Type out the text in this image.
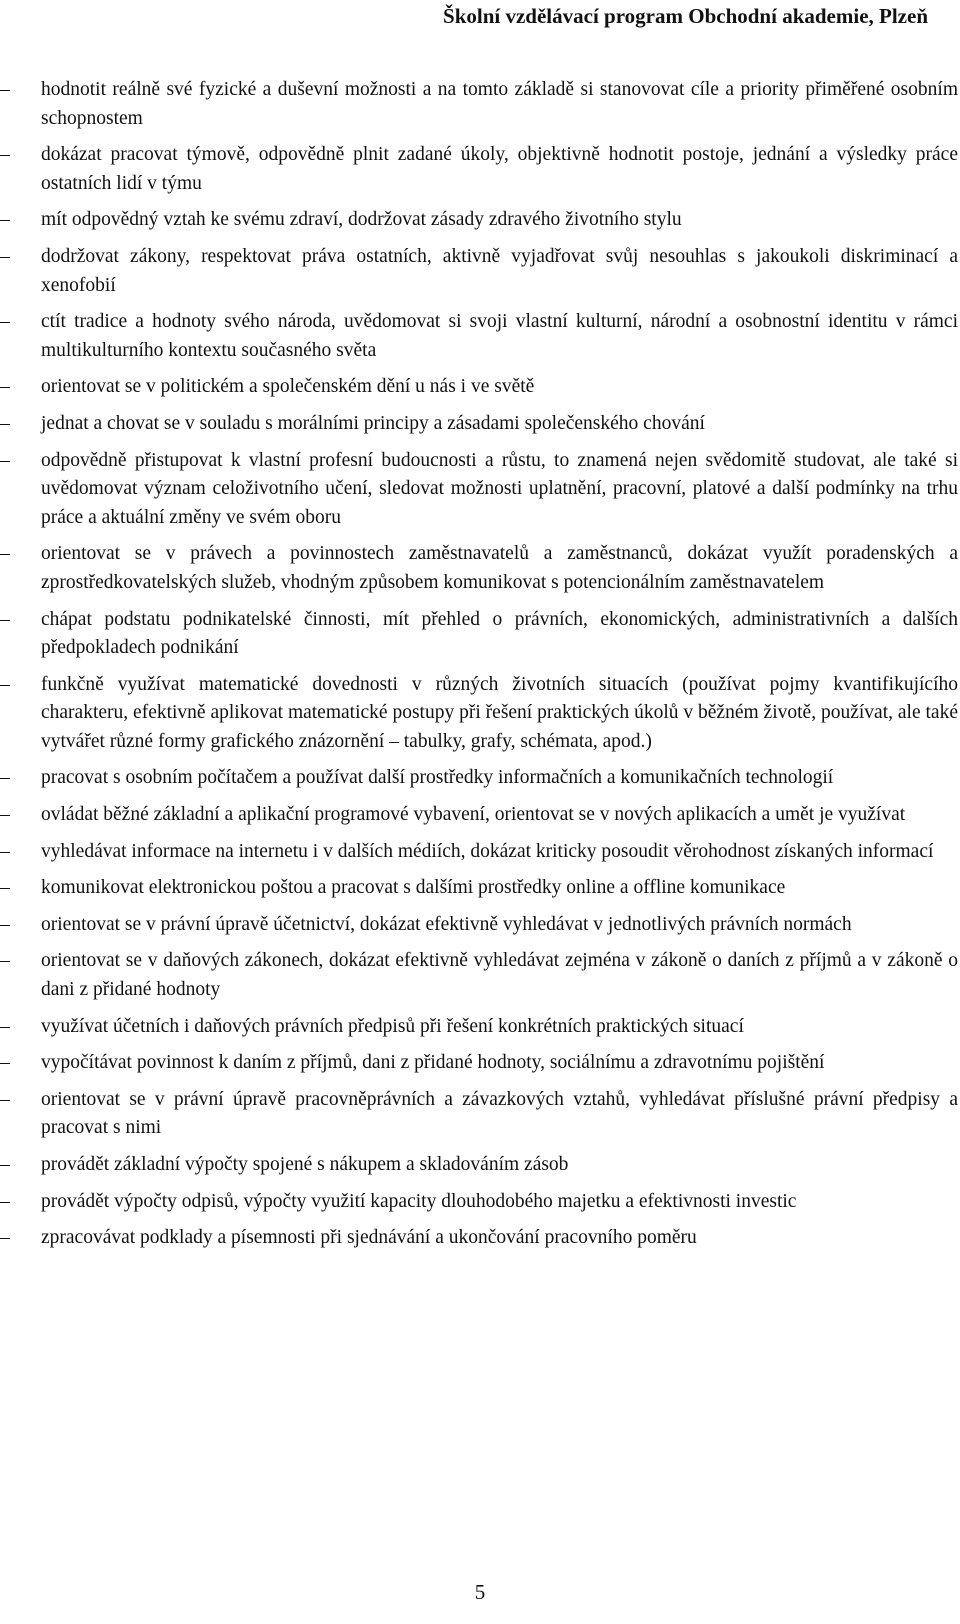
Školní vzdělávací program Obchodní akademie, Plzeň
–	hodnotit reálně své fyzické a duševní možnosti a na tomto základě si stanovovat cíle a priority přiměřené osobním schopnostem
–	dokázat pracovat týmově, odpovědně plnit zadané úkoly, objektivně hodnotit postoje, jednání a výsledky práce ostatních lidí v týmu
–	mít odpovědný vztah ke svému zdraví, dodržovat zásady zdravého životního stylu
–	dodržovat zákony, respektovat práva ostatních, aktivně vyjadřovat svůj nesouhlas s jakoukoli diskriminací a xenofobií
–	ctít tradice a hodnoty svého národa, uvědomovat si svoji vlastní kulturní, národní a osobnostní identitu v rámci multikulturního kontextu současného světa
–	orientovat se v politickém a společenském dění u nás i ve světě
–	jednat a chovat se v souladu s morálními principy a zásadami společenského chování
–	odpovědně přistupovat k vlastní profesní budoucnosti a růstu, to znamená nejen svědomitě studovat, ale také si uvědomovat význam celoživotního učení, sledovat možnosti uplatnění, pracovní, platové a další podmínky na trhu práce a aktuální změny ve svém oboru
–	orientovat se v právech a povinnostech zaměstnavatelů a zaměstnanců, dokázat využít poradenských a zprostředkovatelských služeb, vhodným způsobem komunikovat s potencionálním zaměstnavatelem
–	chápat podstatu podnikatelské činnosti, mít přehled o právních, ekonomických, administrativních a dalších předpokladech podnikání
–	funkčně využívat matematické dovednosti v různých životních situacích (používat pojmy kvantifikujícího charakteru, efektivně aplikovat matematické postupy při řešení praktických úkolů v běžném životě, používat, ale také vytvářet různé formy grafického znázornění – tabulky, grafy, schémata, apod.)
–	pracovat s osobním počítačem a používat další prostředky informačních a komunikačních technologií
–	ovládat běžné základní a aplikační programové vybavení, orientovat se v nových aplikacích a umět je využívat
–	vyhledávat informace na internetu i v dalších médiích, dokázat kriticky posoudit věrohodnost získaných informací
–	komunikovat elektronickou poštou a pracovat s dalšími prostředky online a offline komunikace
–	orientovat se v právní úpravě účetnictví, dokázat efektivně vyhledávat v jednotlivých právních normách
–	orientovat se v daňových zákonech, dokázat efektivně vyhledávat zejména v zákoně o daních z příjmů a v zákoně o dani z přidané hodnoty
–	využívat účetních i daňových právních předpisů při řešení konkrétních praktických situací
–	vypočítávat povinnost k daním z příjmů, dani z přidané hodnoty, sociálnímu a zdravotnímu pojištění
–	orientovat se v právní úpravě pracovněprávních a závazkových vztahů, vyhledávat příslušné právní předpisy a pracovat s nimi
–	provádět základní výpočty spojené s nákupem a skladováním zásob
–	provádět výpočty odpisů, výpočty využití kapacity dlouhodobého majetku a efektivnosti investic
–	zpracovávat podklady a písemnosti při sjednávání a ukončování pracovního poměru
5
